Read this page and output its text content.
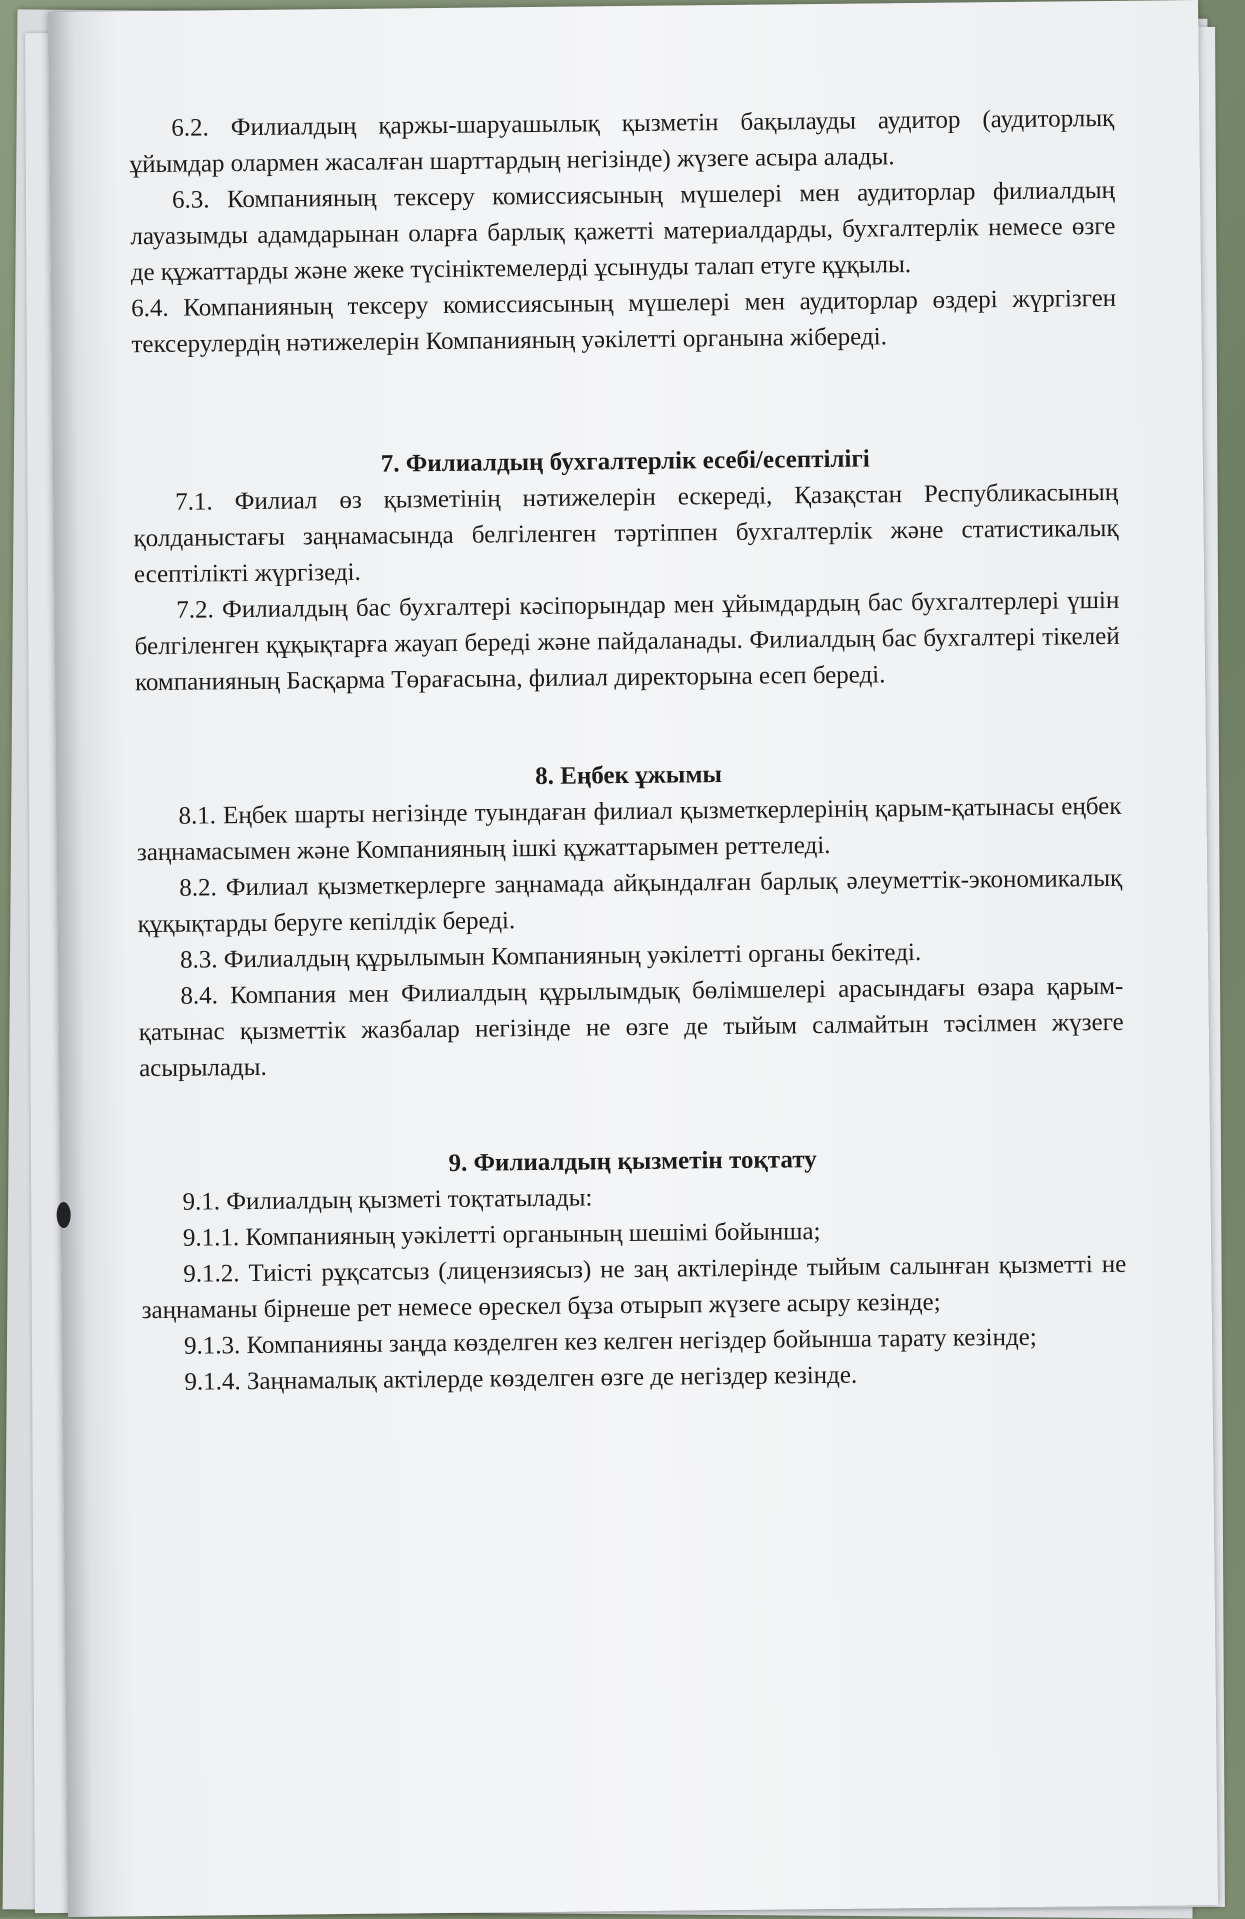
6.2. Филиалдың қаржы-шаруашылық қызметін бақылауды аудитор (аудиторлық ұйымдар олармен жасалған шарттардың негізінде) жүзеге асыра алады.

6.3. Компанияның тексеру комиссиясының мүшелері мен аудиторлар филиалдың лауазымды адамдарынан оларға барлық қажетті материалдарды, бухгалтерлік немесе өзге де құжаттарды және жеке түсініктемелерді ұсынуды талап етуге құқылы.

6.4. Компанияның тексеру комиссиясының мүшелері мен аудиторлар өздері жүргізген тексерулердің нәтижелерін Компанияның уәкілетті органына жібереді.

7. Филиалдың бухгалтерлік есебі/есептілігі

7.1. Филиал өз қызметінің нәтижелерін ескереді, Қазақстан Республикасының қолданыстағы заңнамасында белгіленген тәртіппен бухгалтерлік және статистикалық есептілікті жүргізеді.

7.2. Филиалдың бас бухгалтері кәсіпорындар мен ұйымдардың бас бухгалтерлері үшін белгіленген құқықтарға жауап береді және пайдаланады. Филиалдың бас бухгалтері тікелей компанияның Басқарма Төрағасына, филиал директорына есеп береді.

8. Еңбек ұжымы

8.1. Еңбек шарты негізінде туындаған филиал қызметкерлерінің қарым-қатынасы еңбек заңнамасымен және Компанияның ішкі құжаттарымен реттеледі.

8.2. Филиал қызметкерлерге заңнамада айқындалған барлық әлеуметтік-экономикалық құқықтарды беруге кепілдік береді.

8.3. Филиалдың құрылымын Компанияның уәкілетті органы бекітеді.

8.4. Компания мен Филиалдың құрылымдық бөлімшелері арасындағы өзара қарым-қатынас қызметтік жазбалар негізінде не өзге де тыйым салмайтын тәсілмен жүзеге асырылады.

9. Филиалдың қызметін тоқтату

9.1. Филиалдың қызметі тоқтатылады:

9.1.1. Компанияның уәкілетті органының шешімі бойынша;

9.1.2. Тиісті рұқсатсыз (лицензиясыз) не заң актілерінде тыйым салынған қызметті не заңнаманы бірнеше рет немесе өрескел бұза отырып жүзеге асыру кезінде;

9.1.3. Компанияны заңда көзделген кез келген негіздер бойынша тарату кезінде;

9.1.4. Заңнамалық актілерде көзделген өзге де негіздер кезінде.
